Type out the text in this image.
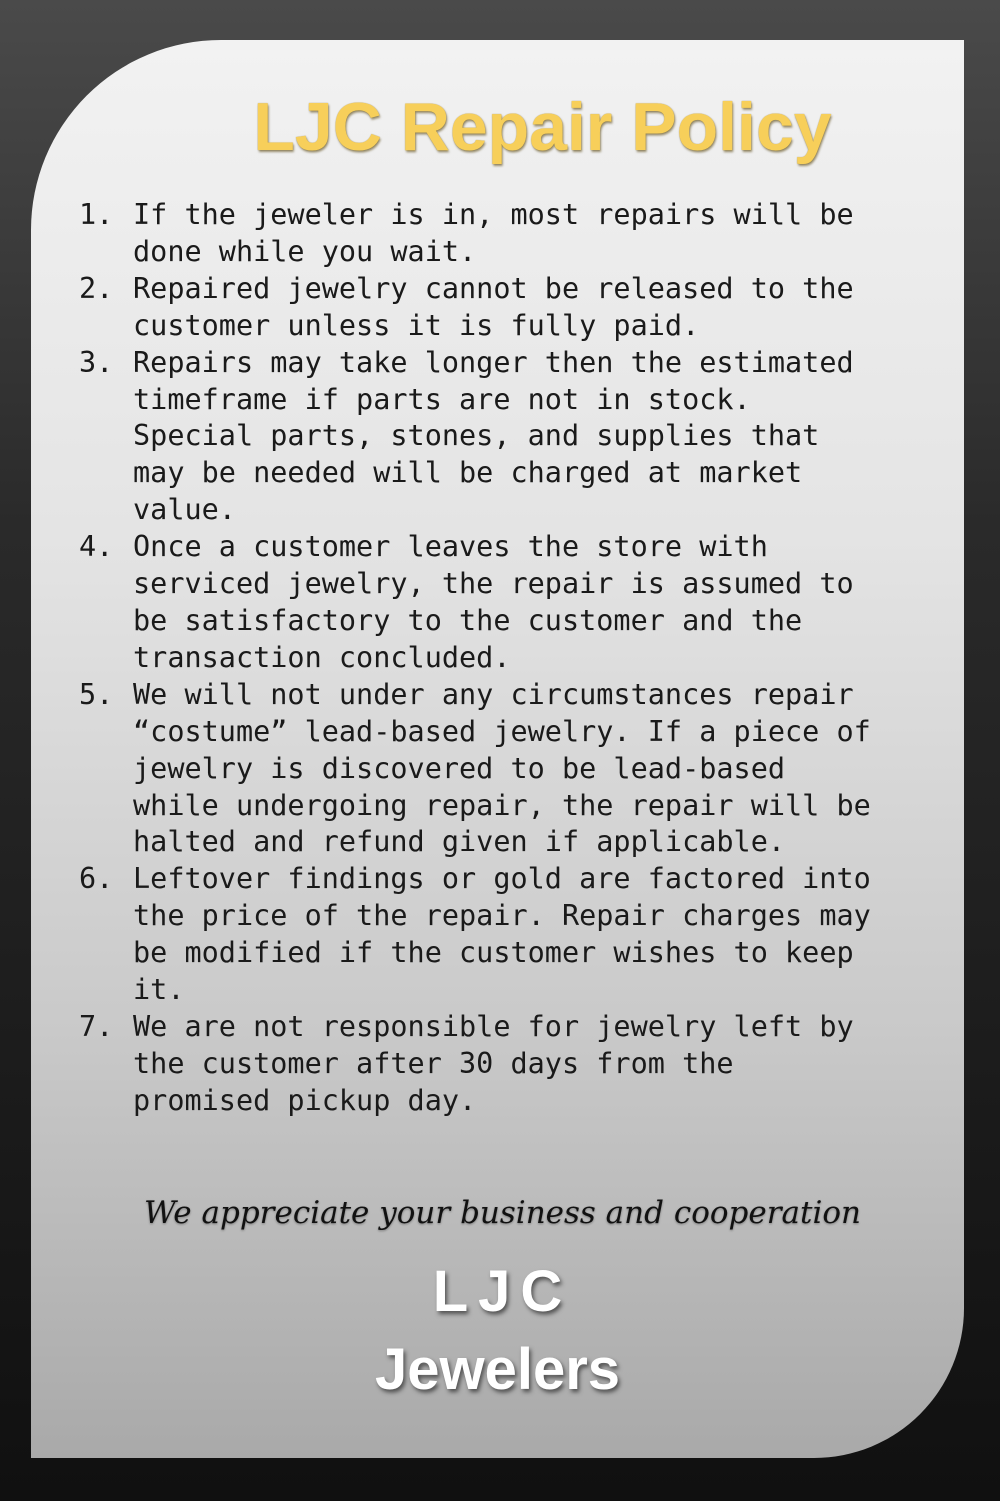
LJC Repair Policy
1. If the jeweler is in, most repairs will be done while you wait.
2. Repaired jewelry cannot be released to the customer unless it is fully paid.
3. Repairs may take longer then the estimated timeframe if parts are not in stock. Special parts, stones, and supplies that may be needed will be charged at market value.
4. Once a customer leaves the store with serviced jewelry, the repair is assumed to be satisfactory to the customer and the transaction concluded.
5. We will not under any circumstances repair “costume” lead-based jewelry. If a piece of jewelry is discovered to be lead-based while undergoing repair, the repair will be halted and refund given if applicable.
6. Leftover findings or gold are factored into the price of the repair. Repair charges may be modified if the customer wishes to keep it.
7. We are not responsible for jewelry left by the customer after 30 days from the promised pickup day.
We appreciate your business and cooperation
LJC
Jewelers
